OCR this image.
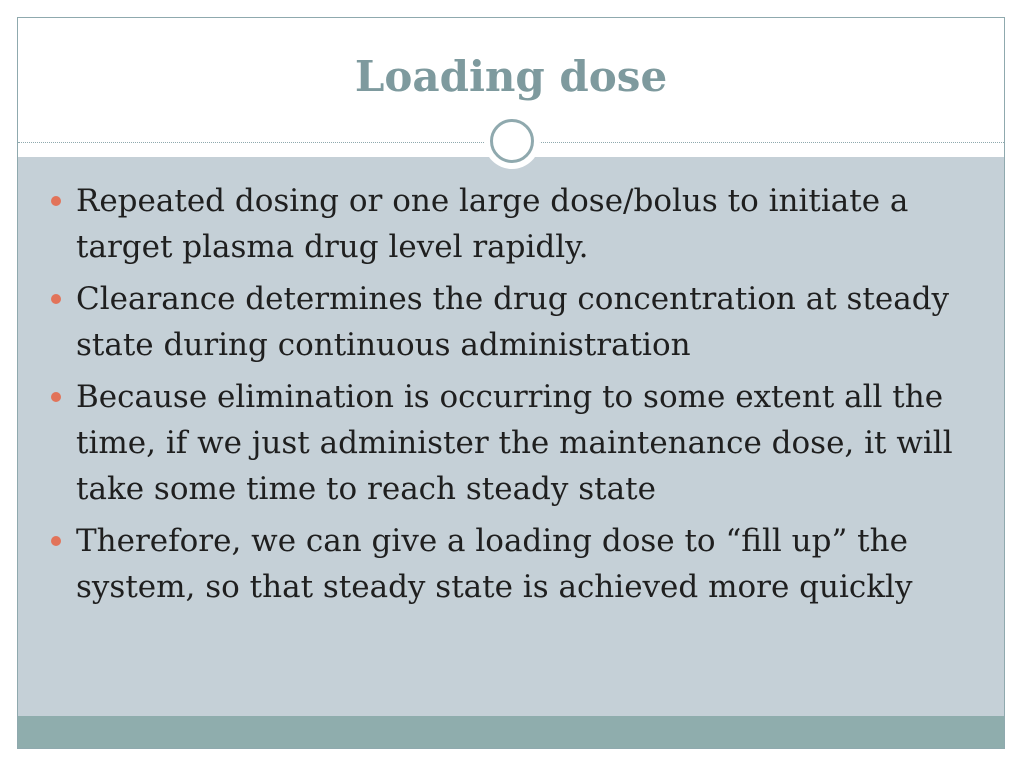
Loading dose
Repeated dosing or one large dose/bolus to initiate a target plasma drug level rapidly.
Clearance determines the drug concentration at steady state during continuous administration
Because elimination is occurring to some extent all the time, if we just administer the maintenance dose, it will take some time to reach steady state
Therefore, we can give a loading dose to “fill up” the system, so that steady state is achieved more quickly
